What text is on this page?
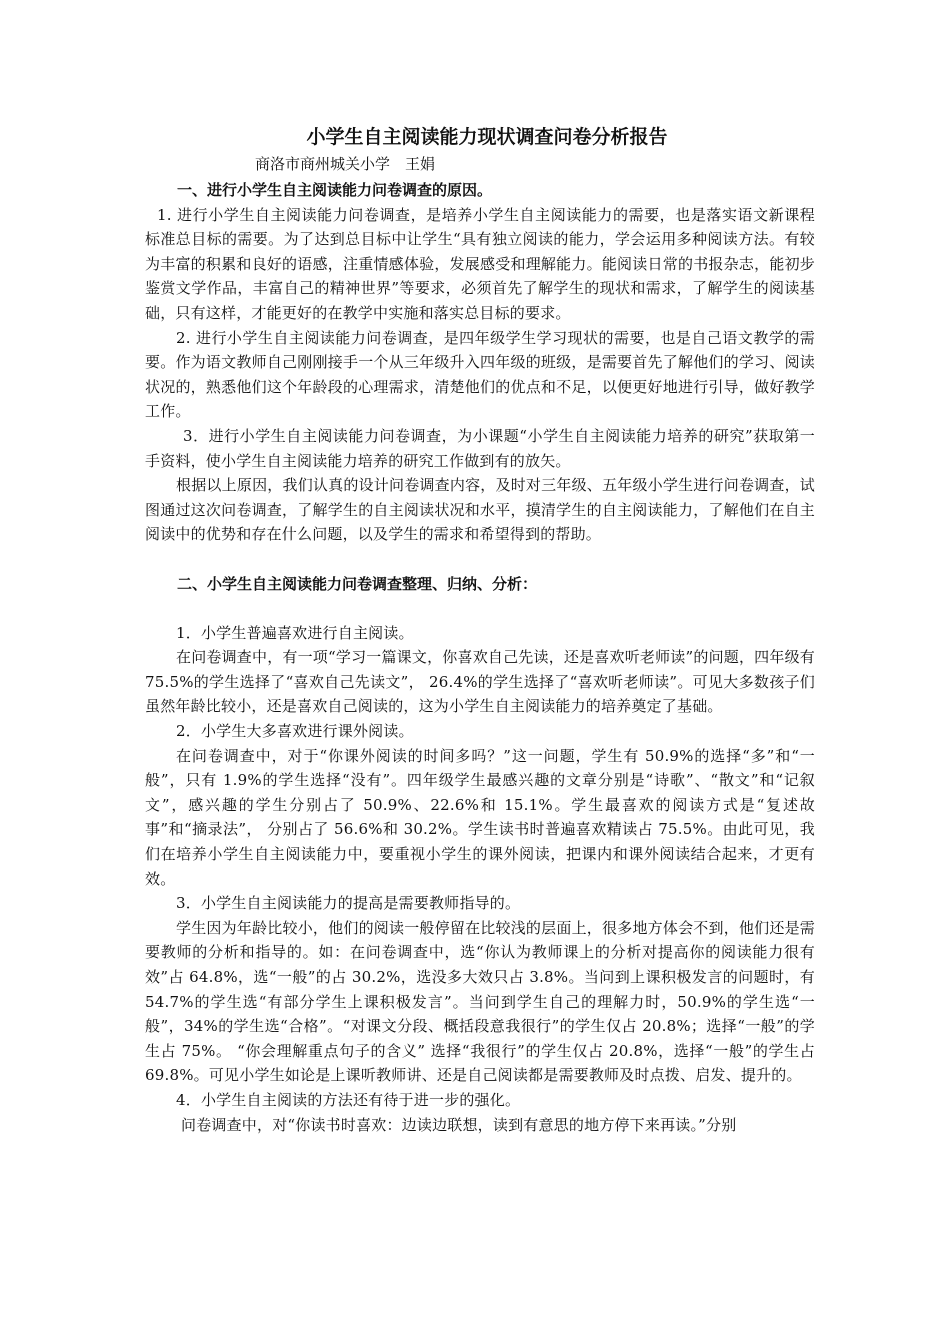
小学生自主阅读能力现状调查问卷分析报告

商洛市商州城关小学　王娟

一、进行小学生自主阅读能力问卷调查的原因。

1. 进行小学生自主阅读能力问卷调查，是培养小学生自主阅读能力的需要，也是落实语文新课程标准总目标的需要。为了达到总目标中让学生“具有独立阅读的能力，学会运用多种阅读方法。有较为丰富的积累和良好的语感，注重情感体验，发展感受和理解能力。能阅读日常的书报杂志，能初步鉴赏文学作品，丰富自己的精神世界”等要求，必须首先了解学生的现状和需求，了解学生的阅读基础，只有这样，才能更好的在教学中实施和落实总目标的要求。

2. 进行小学生自主阅读能力问卷调查，是四年级学生学习现状的需要，也是自己语文教学的需要。作为语文教师自己刚刚接手一个从三年级升入四年级的班级，是需要首先了解他们的学习、阅读状况的，熟悉他们这个年龄段的心理需求，清楚他们的优点和不足，以便更好地进行引导，做好教学工作。

3．进行小学生自主阅读能力问卷调查，为小课题“小学生自主阅读能力培养的研究”获取第一手资料，使小学生自主阅读能力培养的研究工作做到有的放矢。

根据以上原因，我们认真的设计问卷调查内容，及时对三年级、五年级小学生进行问卷调查，试图通过这次问卷调查，了解学生的自主阅读状况和水平，摸清学生的自主阅读能力，了解他们在自主阅读中的优势和存在什么问题，以及学生的需求和希望得到的帮助。

二、小学生自主阅读能力问卷调查整理、归纳、分析：

1．小学生普遍喜欢进行自主阅读。

在问卷调查中，有一项“学习一篇课文，你喜欢自己先读，还是喜欢听老师读”的问题，四年级有 75.5%的学生选择了“喜欢自己先读文”， 26.4%的学生选择了“喜欢听老师读”。可见大多数孩子们虽然年龄比较小，还是喜欢自己阅读的，这为小学生自主阅读能力的培养奠定了基础。

2．小学生大多喜欢进行课外阅读。

在问卷调查中，对于“你课外阅读的时间多吗？”这一问题，学生有 50.9%的选择“多”和“一般”，只有 1.9%的学生选择“没有”。四年级学生最感兴趣的文章分别是“诗歌”、“散文”和“记叙文”，感兴趣的学生分别占了 50.9%、22.6%和 15.1%。学生最喜欢的阅读方式是“复述故事”和“摘录法”， 分别占了 56.6%和 30.2%。学生读书时普遍喜欢精读占 75.5%。由此可见，我们在培养小学生自主阅读能力中，要重视小学生的课外阅读，把课内和课外阅读结合起来，才更有效。

3．小学生自主阅读能力的提高是需要教师指导的。

学生因为年龄比较小，他们的阅读一般停留在比较浅的层面上，很多地方体会不到，他们还是需要教师的分析和指导的。如：在问卷调查中，选“你认为教师课上的分析对提高你的阅读能力很有效”占 64.8%，选“一般”的占 30.2%，选没多大效只占 3.8%。当问到上课积极发言的问题时，有 54.7%的学生选“有部分学生上课积极发言”。当问到学生自己的理解力时，50.9%的学生选“一般”，34%的学生选“合格”。“对课文分段、概括段意我很行”的学生仅占 20.8%；选择“一般”的学生占 75%。 “你会理解重点句子的含义” 选择“我很行”的学生仅占 20.8%，选择“一般”的学生占 69.8%。可见小学生如论是上课听教师讲、还是自己阅读都是需要教师及时点拨、启发、提升的。

4．小学生自主阅读的方法还有待于进一步的强化。

问卷调查中，对“你读书时喜欢：边读边联想，读到有意思的地方停下来再读。”分别
